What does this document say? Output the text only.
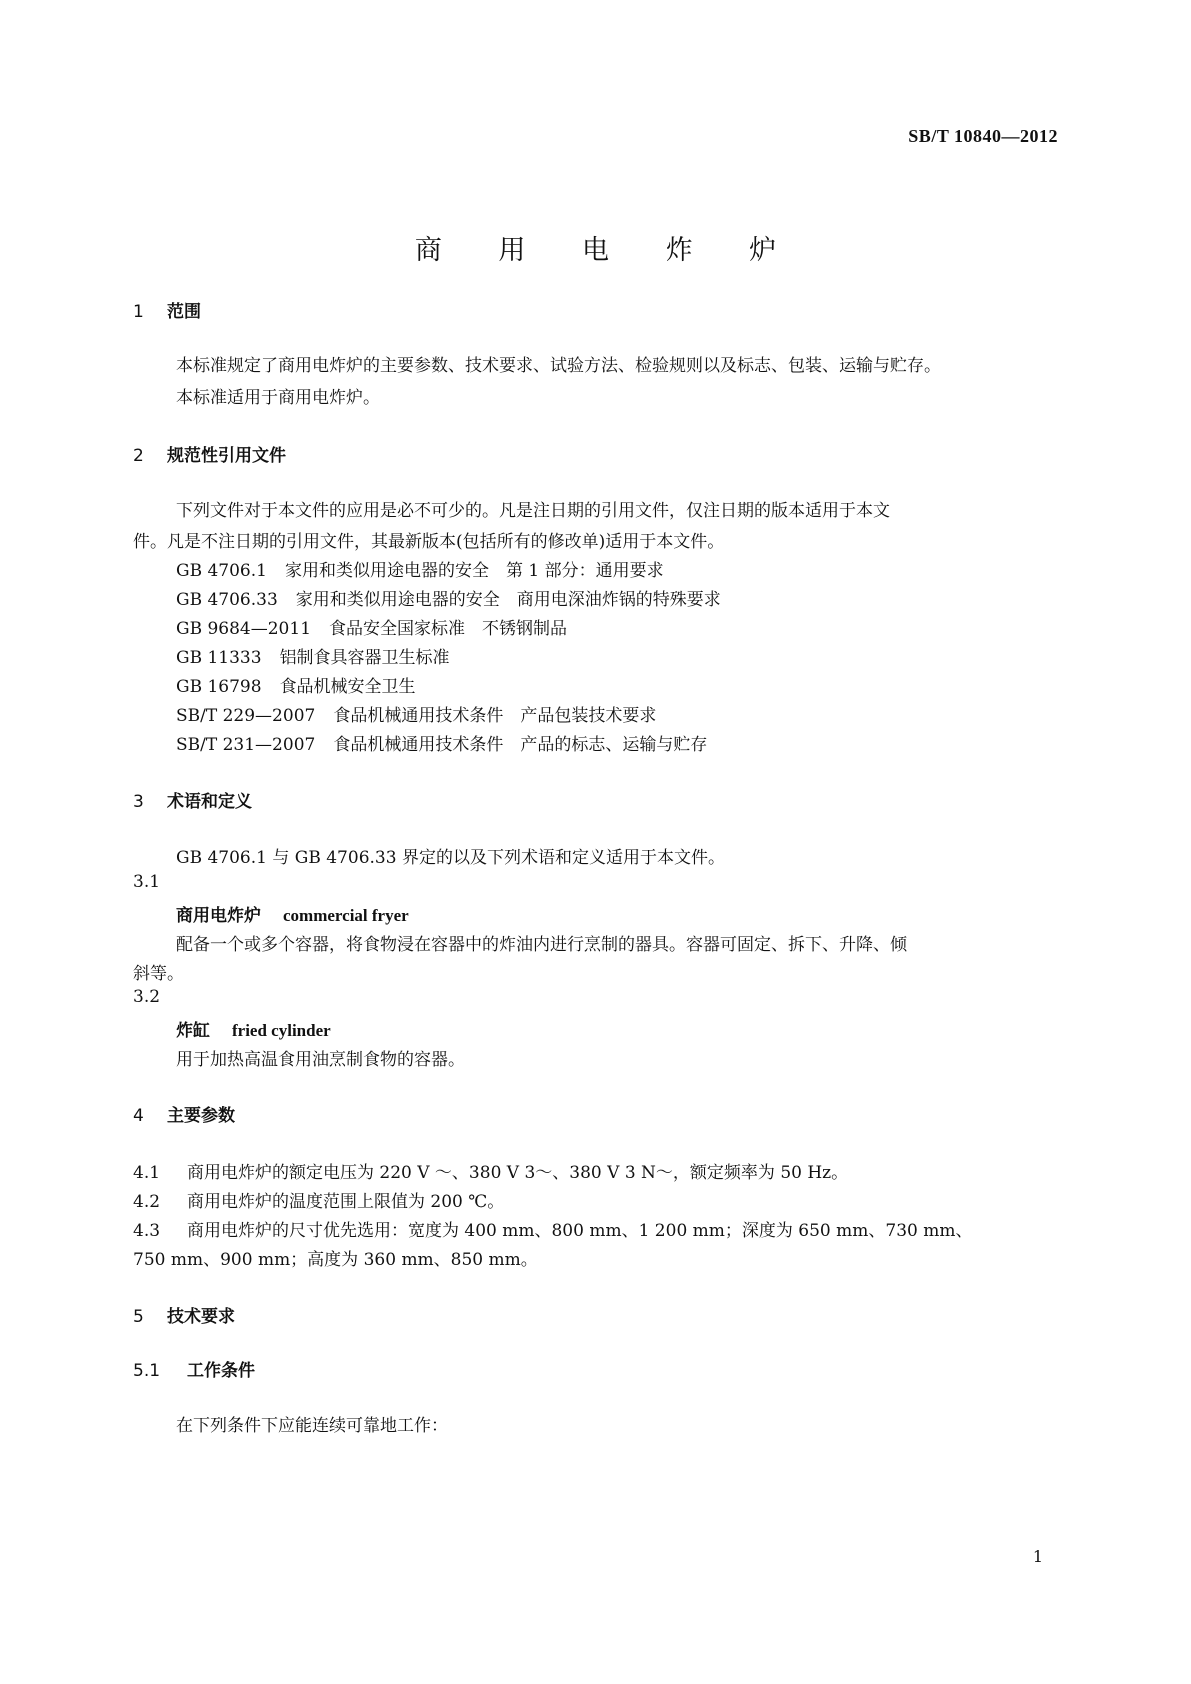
SB/T 10840—2012
商 用 电 炸 炉
1 范围
本标准规定了商用电炸炉的主要参数、技术要求、试验方法、检验规则以及标志、包装、运输与贮存。
本标准适用于商用电炸炉。
2 规范性引用文件
下列文件对于本文件的应用是必不可少的。凡是注日期的引用文件，仅注日期的版本适用于本文
件。凡是不注日期的引用文件，其最新版本(包括所有的修改单)适用于本文件。
GB 4706.1 家用和类似用途电器的安全　第 1 部分：通用要求
GB 4706.33 家用和类似用途电器的安全　商用电深油炸锅的特殊要求
GB 9684—2011 食品安全国家标准　不锈钢制品
GB 11333 铝制食具容器卫生标准
GB 16798 食品机械安全卫生
SB/T 229—2007 食品机械通用技术条件　产品包装技术要求
SB/T 231—2007 食品机械通用技术条件　产品的标志、运输与贮存
3 术语和定义
GB 4706.1 与 GB 4706.33 界定的以及下列术语和定义适用于本文件。
3.1
商用电炸炉 commercial fryer
配备一个或多个容器，将食物浸在容器中的炸油内进行烹制的器具。容器可固定、拆下、升降、倾
斜等。
3.2
炸缸 fried cylinder
用于加热高温食用油烹制食物的容器。
4 主要参数
4.1 商用电炸炉的额定电压为 220 V ～、380 V 3～、380 V 3 N～，额定频率为 50 Hz。
4.2 商用电炸炉的温度范围上限值为 200 ℃。
4.3 商用电炸炉的尺寸优先选用：宽度为 400 mm、800 mm、1 200 mm；深度为 650 mm、730 mm、
750 mm、900 mm；高度为 360 mm、850 mm。
5 技术要求
5.1 工作条件
在下列条件下应能连续可靠地工作：
1
